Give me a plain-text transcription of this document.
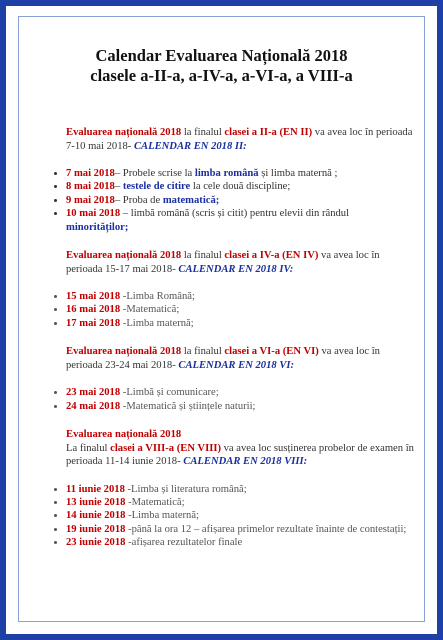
Calendar Evaluarea Națională 2018
clasele a-II-a, a-IV-a, a-VI-a, a VIII-a

Evaluarea națională 2018 la finalul clasei a II-a (EN II) va avea loc în perioada 7-10 mai 2018- CALENDAR EN 2018 II:

• 7 mai 2018– Probele scrise la limba română și limba maternă ;
• 8 mai 2018– testele de citire la cele două discipline;
• 9 mai 2018– Proba de matematică;
• 10 mai 2018 – limbă română (scris și citit) pentru elevii din rândul minorităților;

Evaluarea națională 2018 la finalul clasei a IV-a (EN IV) va avea loc în perioada 15-17 mai 2018- CALENDAR EN 2018 IV:

• 15 mai 2018 -Limba Română;
• 16 mai 2018 -Matematică;
• 17 mai 2018 -Limba maternă;

Evaluarea națională 2018 la finalul clasei a VI-a (EN VI) va avea loc în perioada 23-24 mai 2018- CALENDAR EN 2018 VI:

• 23 mai 2018 -Limbă și comunicare;
• 24 mai 2018 -Matematică și științele naturii;

Evaluarea națională 2018
La finalul clasei a VIII-a (EN VIII) va avea loc susținerea probelor de examen în perioada 11-14 iunie 2018- CALENDAR EN 2018 VIII:

• 11 iunie 2018 -Limba și literatura română;
• 13 iunie 2018 -Matematică;
• 14 iunie 2018 -Limba maternă;
• 19 iunie 2018 -până la ora 12 – afișarea primelor rezultate înainte de contestații;
• 23 iunie 2018 -afișarea rezultatelor finale
